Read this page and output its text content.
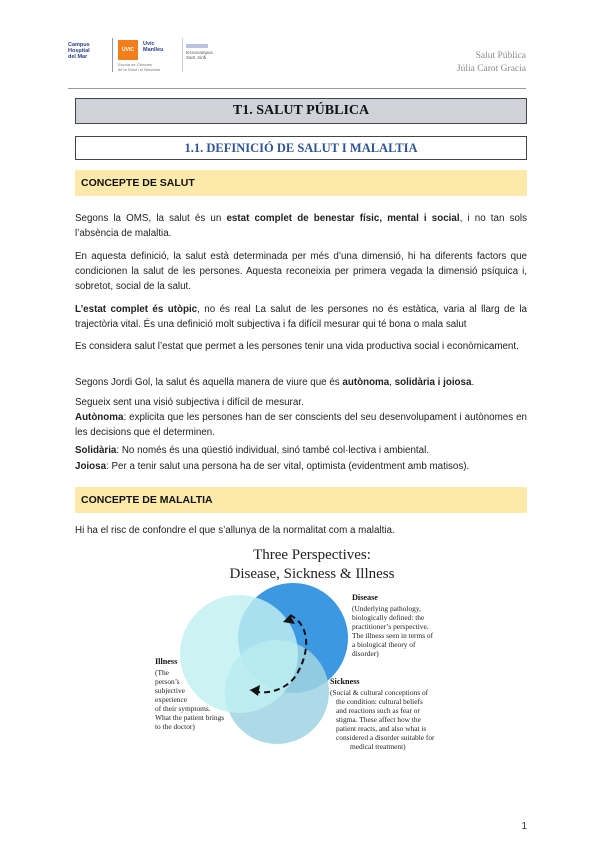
Campus
Hospital
del Mar
UVIC
Uvic
Manlleu
Escola de Ciències
de la Salut i el Benestar
tecnocampus
Sant Jordi	Salut Pública
Júlia Carot Gracia
T1. SALUT PÚBLICA
1.1. DEFINICIÓ DE SALUT I MALALTIA
CONCEPTE DE SALUT

Segons la OMS, la salut és un estat complet de benestar físic, mental i social, i no tan sols l’absència de malaltia.

En aquesta definició, la salut està determinada per més d’una dimensió, hi ha diferents factors que condicionen la salut de les persones. Aquesta reconeixia per primera vegada la dimensió psíquica i, sobretot, social de la salut.

L’estat complet és utòpic, no és real La salut de les persones no és estàtica, varia al llarg de la trajectòria vital. És una definició molt subjectiva i fa difícil mesurar qui té bona o mala salut

Es considera salut l’estat que permet a les persones tenir una vida productiva social i econòmicament.

Segons Jordi Gol, la salut és aquella manera de viure que és autònoma, solidària i joiosa.

Segueix sent una visió subjectiva i difícil de mesurar.

Autònoma: explicita que les persones han de ser conscients del seu desenvolupament i autònomes en les decisions que el determinen.

Solidària: No només és una qüestió individual, sinó també col·lectiva i ambiental.

Joiosa: Per a tenir salut una persona ha de ser vital, optimista (evidentment amb matisos).

CONCEPTE DE MALALTIA

Hi ha el risc de confondre el que s’allunya de la normalitat com a malaltia.

Three Perspectives:
Disease, Sickness & Illness
Disease
(Underlying pathology,
biologically defined: the
practitioner’s perspective.
The illness seen in terms of
a biological theory of
disorder)
Illness
(The
person’s
subjective
experience
of their symptoms.
What the patient brings
to the doctor)
Sickness
(Social & cultural conceptions of
the condition: cultural beliefs
and reactions such as fear or
stigma. These affect how the
patient reacts, and also what is
considered a disorder suitable for
medical treatment)
1
